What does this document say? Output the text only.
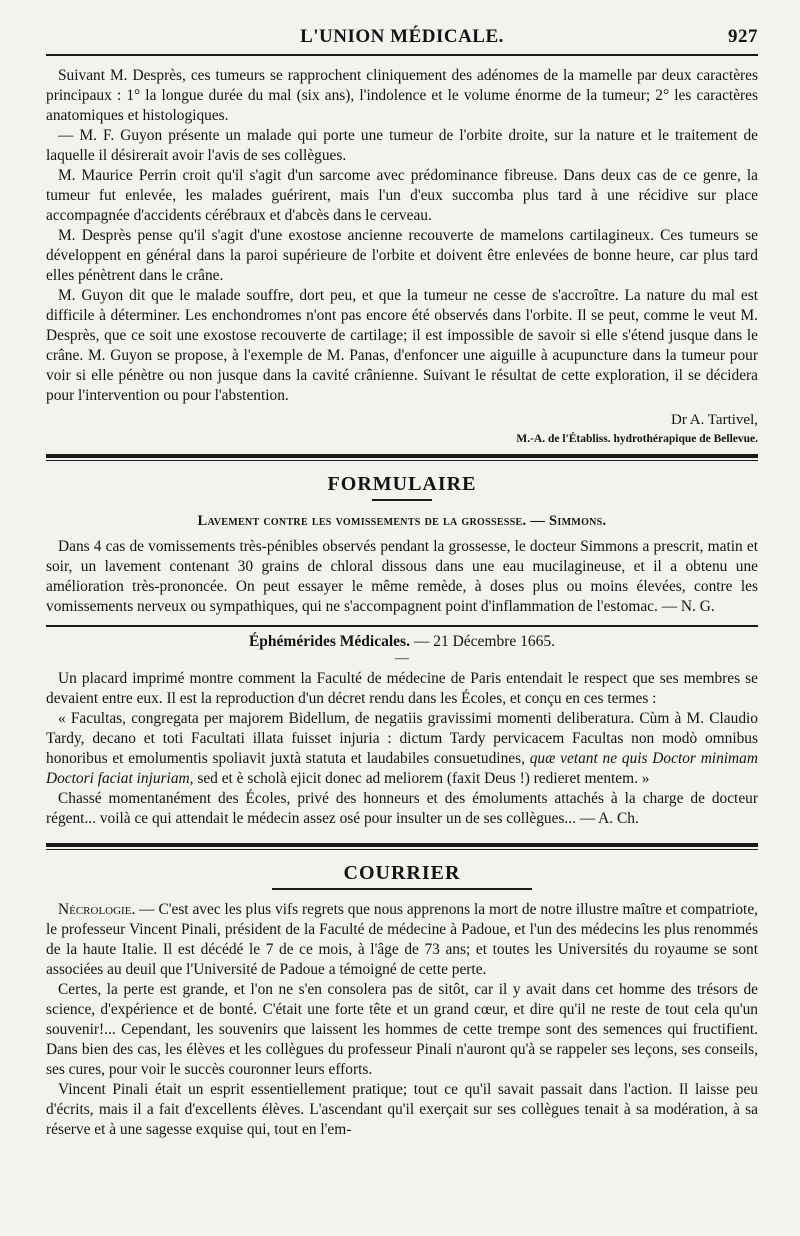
L'UNION MÉDICALE.	927

Suivant M. Desprès, ces tumeurs se rapprochent cliniquement des adénomes de la mamelle par deux caractères principaux : 1° la longue durée du mal (six ans), l'indolence et le volume énorme de la tumeur; 2° les caractères anatomiques et histologiques.

— M. F. Guyon présente un malade qui porte une tumeur de l'orbite droite, sur la nature et le traitement de laquelle il désirerait avoir l'avis de ses collègues.

M. Maurice Perrin croit qu'il s'agit d'un sarcome avec prédominance fibreuse. Dans deux cas de ce genre, la tumeur fut enlevée, les malades guérirent, mais l'un d'eux succomba plus tard à une récidive sur place accompagnée d'accidents cérébraux et d'abcès dans le cerveau.

M. Desprès pense qu'il s'agit d'une exostose ancienne recouverte de mamelons cartilagineux. Ces tumeurs se développent en général dans la paroi supérieure de l'orbite et doivent être enlevées de bonne heure, car plus tard elles pénètrent dans le crâne.

M. Guyon dit que le malade souffre, dort peu, et que la tumeur ne cesse de s'accroître. La nature du mal est difficile à déterminer. Les enchondromes n'ont pas encore été observés dans l'orbite. Il se peut, comme le veut M. Desprès, que ce soit une exostose recouverte de cartilage; il est impossible de savoir si elle s'étend jusque dans le crâne. M. Guyon se propose, à l'exemple de M. Panas, d'enfoncer une aiguille à acupuncture dans la tumeur pour voir si elle pénètre ou non jusque dans la cavité crânienne. Suivant le résultat de cette exploration, il se décidera pour l'intervention ou pour l'abstention.

Dr A. Tartivel,
M.-A. de l'Établiss. hydrothérapique de Bellevue.
FORMULAIRE
Lavement contre les vomissements de la grossesse. — Simmons.

Dans 4 cas de vomissements très-pénibles observés pendant la grossesse, le docteur Simmons a prescrit, matin et soir, un lavement contenant 30 grains de chloral dissous dans une eau mucilagineuse, et il a obtenu une amélioration très-prononcée. On peut essayer le même remède, à doses plus ou moins élevées, contre les vomissements nerveux ou sympathiques, qui ne s'accompagnent point d'inflammation de l'estomac. — N. G.

Éphémérides Médicales. — 21 Décembre 1665.
—

Un placard imprimé montre comment la Faculté de médecine de Paris entendait le respect que ses membres se devaient entre eux. Il est la reproduction d'un décret rendu dans les Écoles, et conçu en ces termes :

« Facultas, congregata per majorem Bidellum, de negatiis gravissimi momenti deliberatura. Cùm à M. Claudio Tardy, decano et toti Facultati illata fuisset injuria : dictum Tardy pervicacem Facultas non modò omnibus honoribus et emolumentis spoliavit juxtà statuta et laudabiles consuetudines, quæ vetant ne quis Doctor minimam Doctori faciat injuriam, sed et è scholà ejicit donec ad meliorem (faxit Deus !) redieret mentem. »

Chassé momentanément des Écoles, privé des honneurs et des émoluments attachés à la charge de docteur régent... voilà ce qui attendait le médecin assez osé pour insulter un de ses collègues... — A. Ch.

COURRIER

Nécrologie. — C'est avec les plus vifs regrets que nous apprenons la mort de notre illustre maître et compatriote, le professeur Vincent Pinali, président de la Faculté de médecine à Padoue, et l'un des médecins les plus renommés de la haute Italie. Il est décédé le 7 de ce mois, à l'âge de 73 ans; et toutes les Universités du royaume se sont associées au deuil que l'Université de Padoue a témoigné de cette perte.

Certes, la perte est grande, et l'on ne s'en consolera pas de sitôt, car il y avait dans cet homme des trésors de science, d'expérience et de bonté. C'était une forte tête et un grand cœur, et dire qu'il ne reste de tout cela qu'un souvenir!... Cependant, les souvenirs que laissent les hommes de cette trempe sont des semences qui fructifient. Dans bien des cas, les élèves et les collègues du professeur Pinali n'auront qu'à se rappeler ses leçons, ses conseils, ses cures, pour voir le succès couronner leurs efforts.

Vincent Pinali était un esprit essentiellement pratique; tout ce qu'il savait passait dans l'action. Il laisse peu d'écrits, mais il a fait d'excellents élèves. L'ascendant qu'il exerçait sur ses collègues tenait à sa modération, à sa réserve et à une sagesse exquise qui, tout en l'em-
